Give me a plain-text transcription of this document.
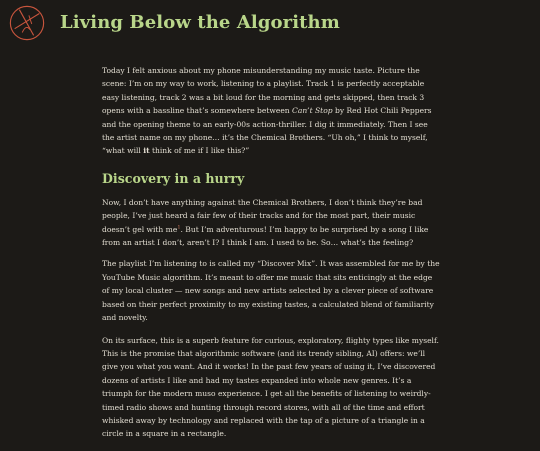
Living Below the Algorithm

Today I felt anxious about my phone misunderstanding my music taste. Picture the scene: I’m on my way to work, listening to a playlist. Track 1 is perfectly acceptable easy listening, track 2 was a bit loud for the morning and gets skipped, then track 3 opens with a bassline that’s somewhere between Can’t Stop by Red Hot Chili Peppers and the opening theme to an early-00s action-thriller. I dig it immediately. Then I see the artist name on my phone… it’s the Chemical Brothers. “Uh oh,” I think to myself, “what will it think of me if I like this?”

Discovery in a hurry

Now, I don’t have anything against the Chemical Brothers, I don’t think they’re bad people, I’ve just heard a fair few of their tracks and for the most part, their music doesn’t gel with $me^1$. But I’m adventurous! I’m happy to be surprised by a song I like from an artist I don’t, aren’t I? I think I am. I used to be. So… what’s the feeling?

The playlist I’m listening to is called my “Discover Mix”. It was assembled for me by the YouTube Music algorithm. It’s meant to offer me music that sits enticingly at the edge of my local cluster — new songs and new artists selected by a clever piece of software based on their perfect proximity to my existing tastes, a calculated blend of familiarity and novelty.

On its surface, this is a superb feature for curious, exploratory, flighty types like myself. This is the promise that algorithmic software (and its trendy sibling, AI) offers: we’ll give you what you want. And it works! In the past few years of using it, I’ve discovered dozens of artists I like and had my tastes expanded into whole new genres. It’s a triumph for the modern muso experience. I get all the benefits of listening to weirdly-timed radio shows and hunting through record stores, with all of the time and effort whisked away by technology and replaced with the tap of a picture of a triangle in a circle in a square in a rectangle.
